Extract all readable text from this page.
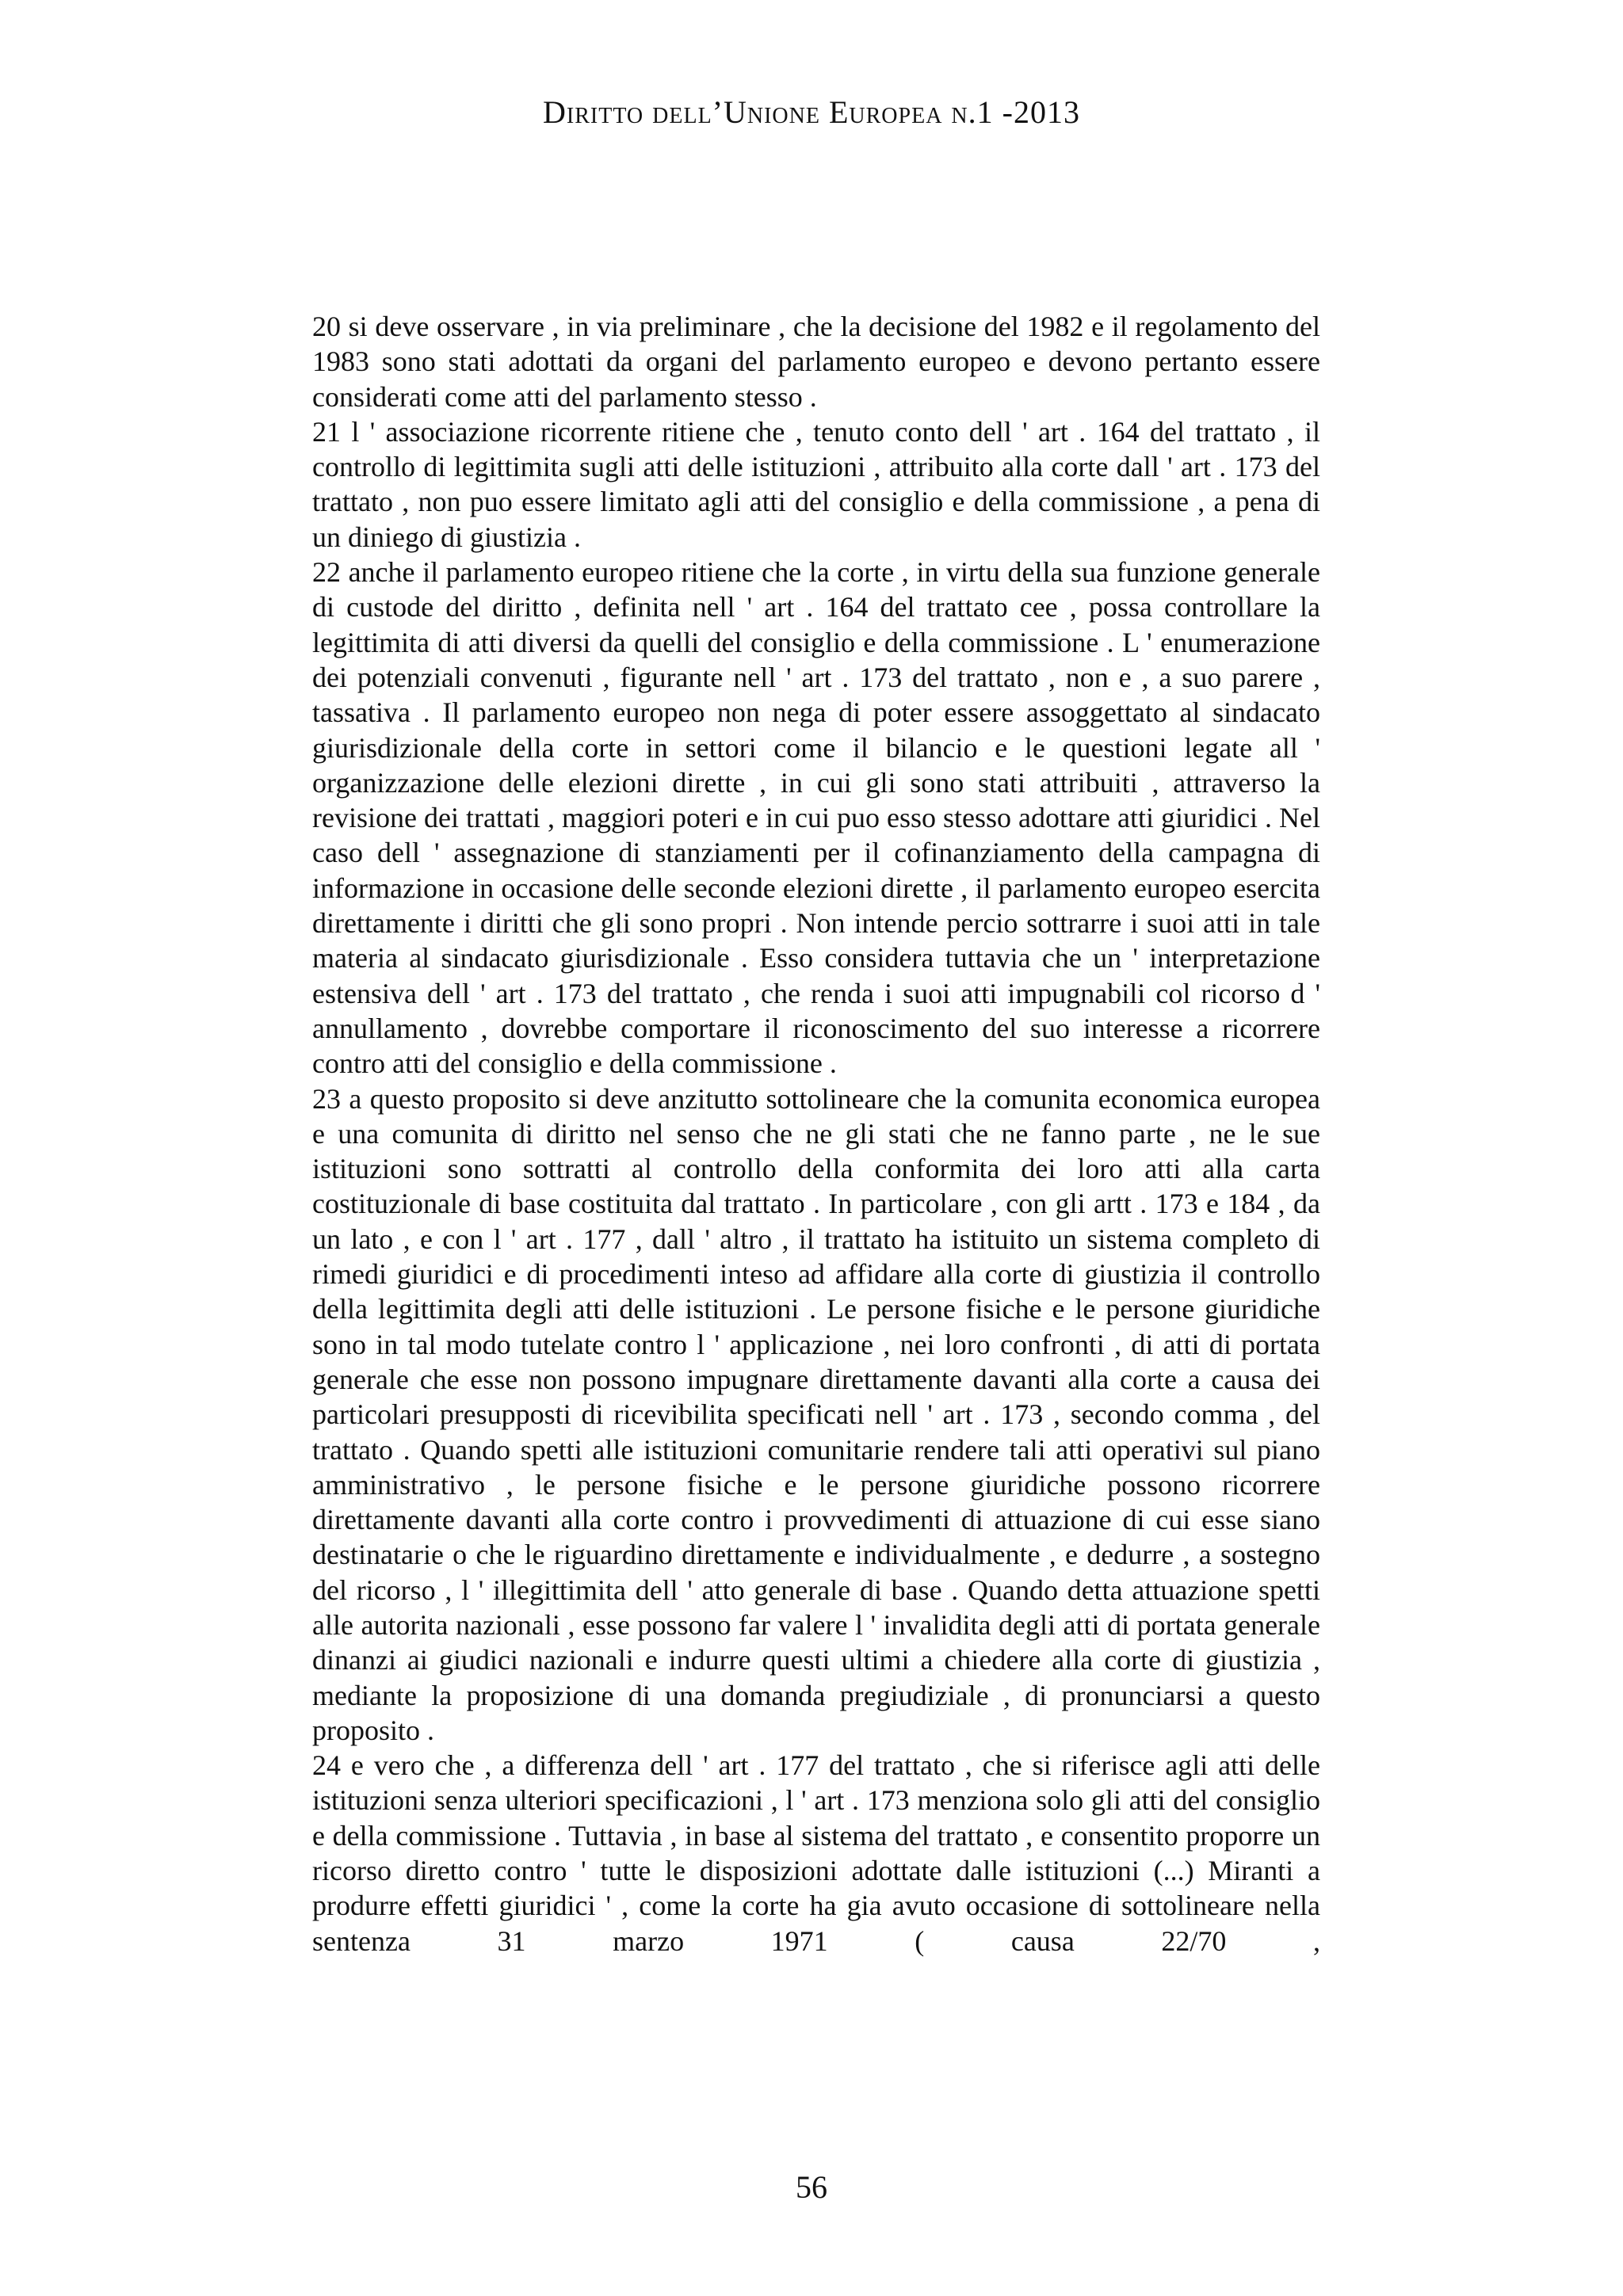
Diritto dell’Unione Europea n.1 -2013

20 si deve osservare , in via preliminare , che la decisione del 1982 e il regolamento del 1983 sono stati adottati da organi del parlamento europeo e devono pertanto essere considerati come atti del parlamento stesso .

21 l ' associazione ricorrente ritiene che , tenuto conto dell ' art . 164 del trattato , il controllo di legittimita sugli atti delle istituzioni , attribuito alla corte dall ' art . 173 del trattato , non puo essere limitato agli atti del consiglio e della commissione , a pena di un diniego di giustizia .

22 anche il parlamento europeo ritiene che la corte , in virtu della sua funzione generale di custode del diritto , definita nell ' art . 164 del trattato cee , possa controllare la legittimita di atti diversi da quelli del consiglio e della commissione . L ' enumerazione dei potenziali convenuti , figurante nell ' art . 173 del trattato , non e , a suo parere , tassativa . Il parlamento europeo non nega di poter essere assoggettato al sindacato giurisdizionale della corte in settori come il bilancio e le questioni legate all ' organizzazione delle elezioni dirette , in cui gli sono stati attribuiti , attraverso la revisione dei trattati , maggiori poteri e in cui puo esso stesso adottare atti giuridici . Nel caso dell ' assegnazione di stanziamenti per il cofinanziamento della campagna di informazione in occasione delle seconde elezioni dirette , il parlamento europeo esercita direttamente i diritti che gli sono propri . Non intende percio sottrarre i suoi atti in tale materia al sindacato giurisdizionale . Esso considera tuttavia che un ' interpretazione estensiva dell ' art . 173 del trattato , che renda i suoi atti impugnabili col ricorso d ' annullamento , dovrebbe comportare il riconoscimento del suo interesse a ricorrere contro atti del consiglio e della commissione .

23 a questo proposito si deve anzitutto sottolineare che la comunita economica europea e una comunita di diritto nel senso che ne gli stati che ne fanno parte , ne le sue istituzioni sono sottratti al controllo della conformita dei loro atti alla carta costituzionale di base costituita dal trattato . In particolare , con gli artt . 173 e 184 , da un lato , e con l ' art . 177 , dall ' altro , il trattato ha istituito un sistema completo di rimedi giuridici e di procedimenti inteso ad affidare alla corte di giustizia il controllo della legittimita degli atti delle istituzioni . Le persone fisiche e le persone giuridiche sono in tal modo tutelate contro l ' applicazione , nei loro confronti , di atti di portata generale che esse non possono impugnare direttamente davanti alla corte a causa dei particolari presupposti di ricevibilita specificati nell ' art . 173 , secondo comma , del trattato . Quando spetti alle istituzioni comunitarie rendere tali atti operativi sul piano amministrativo , le persone fisiche e le persone giuridiche possono ricorrere direttamente davanti alla corte contro i provvedimenti di attuazione di cui esse siano destinatarie o che le riguardino direttamente e individualmente , e dedurre , a sostegno del ricorso , l ' illegittimita dell ' atto generale di base . Quando detta attuazione spetti alle autorita nazionali , esse possono far valere l ' invalidita degli atti di portata generale dinanzi ai giudici nazionali e indurre questi ultimi a chiedere alla corte di giustizia , mediante la proposizione di una domanda pregiudiziale , di pronunciarsi a questo proposito .

24 e vero che , a differenza dell ' art . 177 del trattato , che si riferisce agli atti delle istituzioni senza ulteriori specificazioni , l ' art . 173 menziona solo gli atti del consiglio e della commissione . Tuttavia , in base al sistema del trattato , e consentito proporre un ricorso diretto contro ' tutte le disposizioni adottate dalle istituzioni (...) Miranti a produrre effetti giuridici ' , come la corte ha gia avuto occasione di sottolineare nella sentenza 31 marzo 1971 ( causa 22/70 ,

56
